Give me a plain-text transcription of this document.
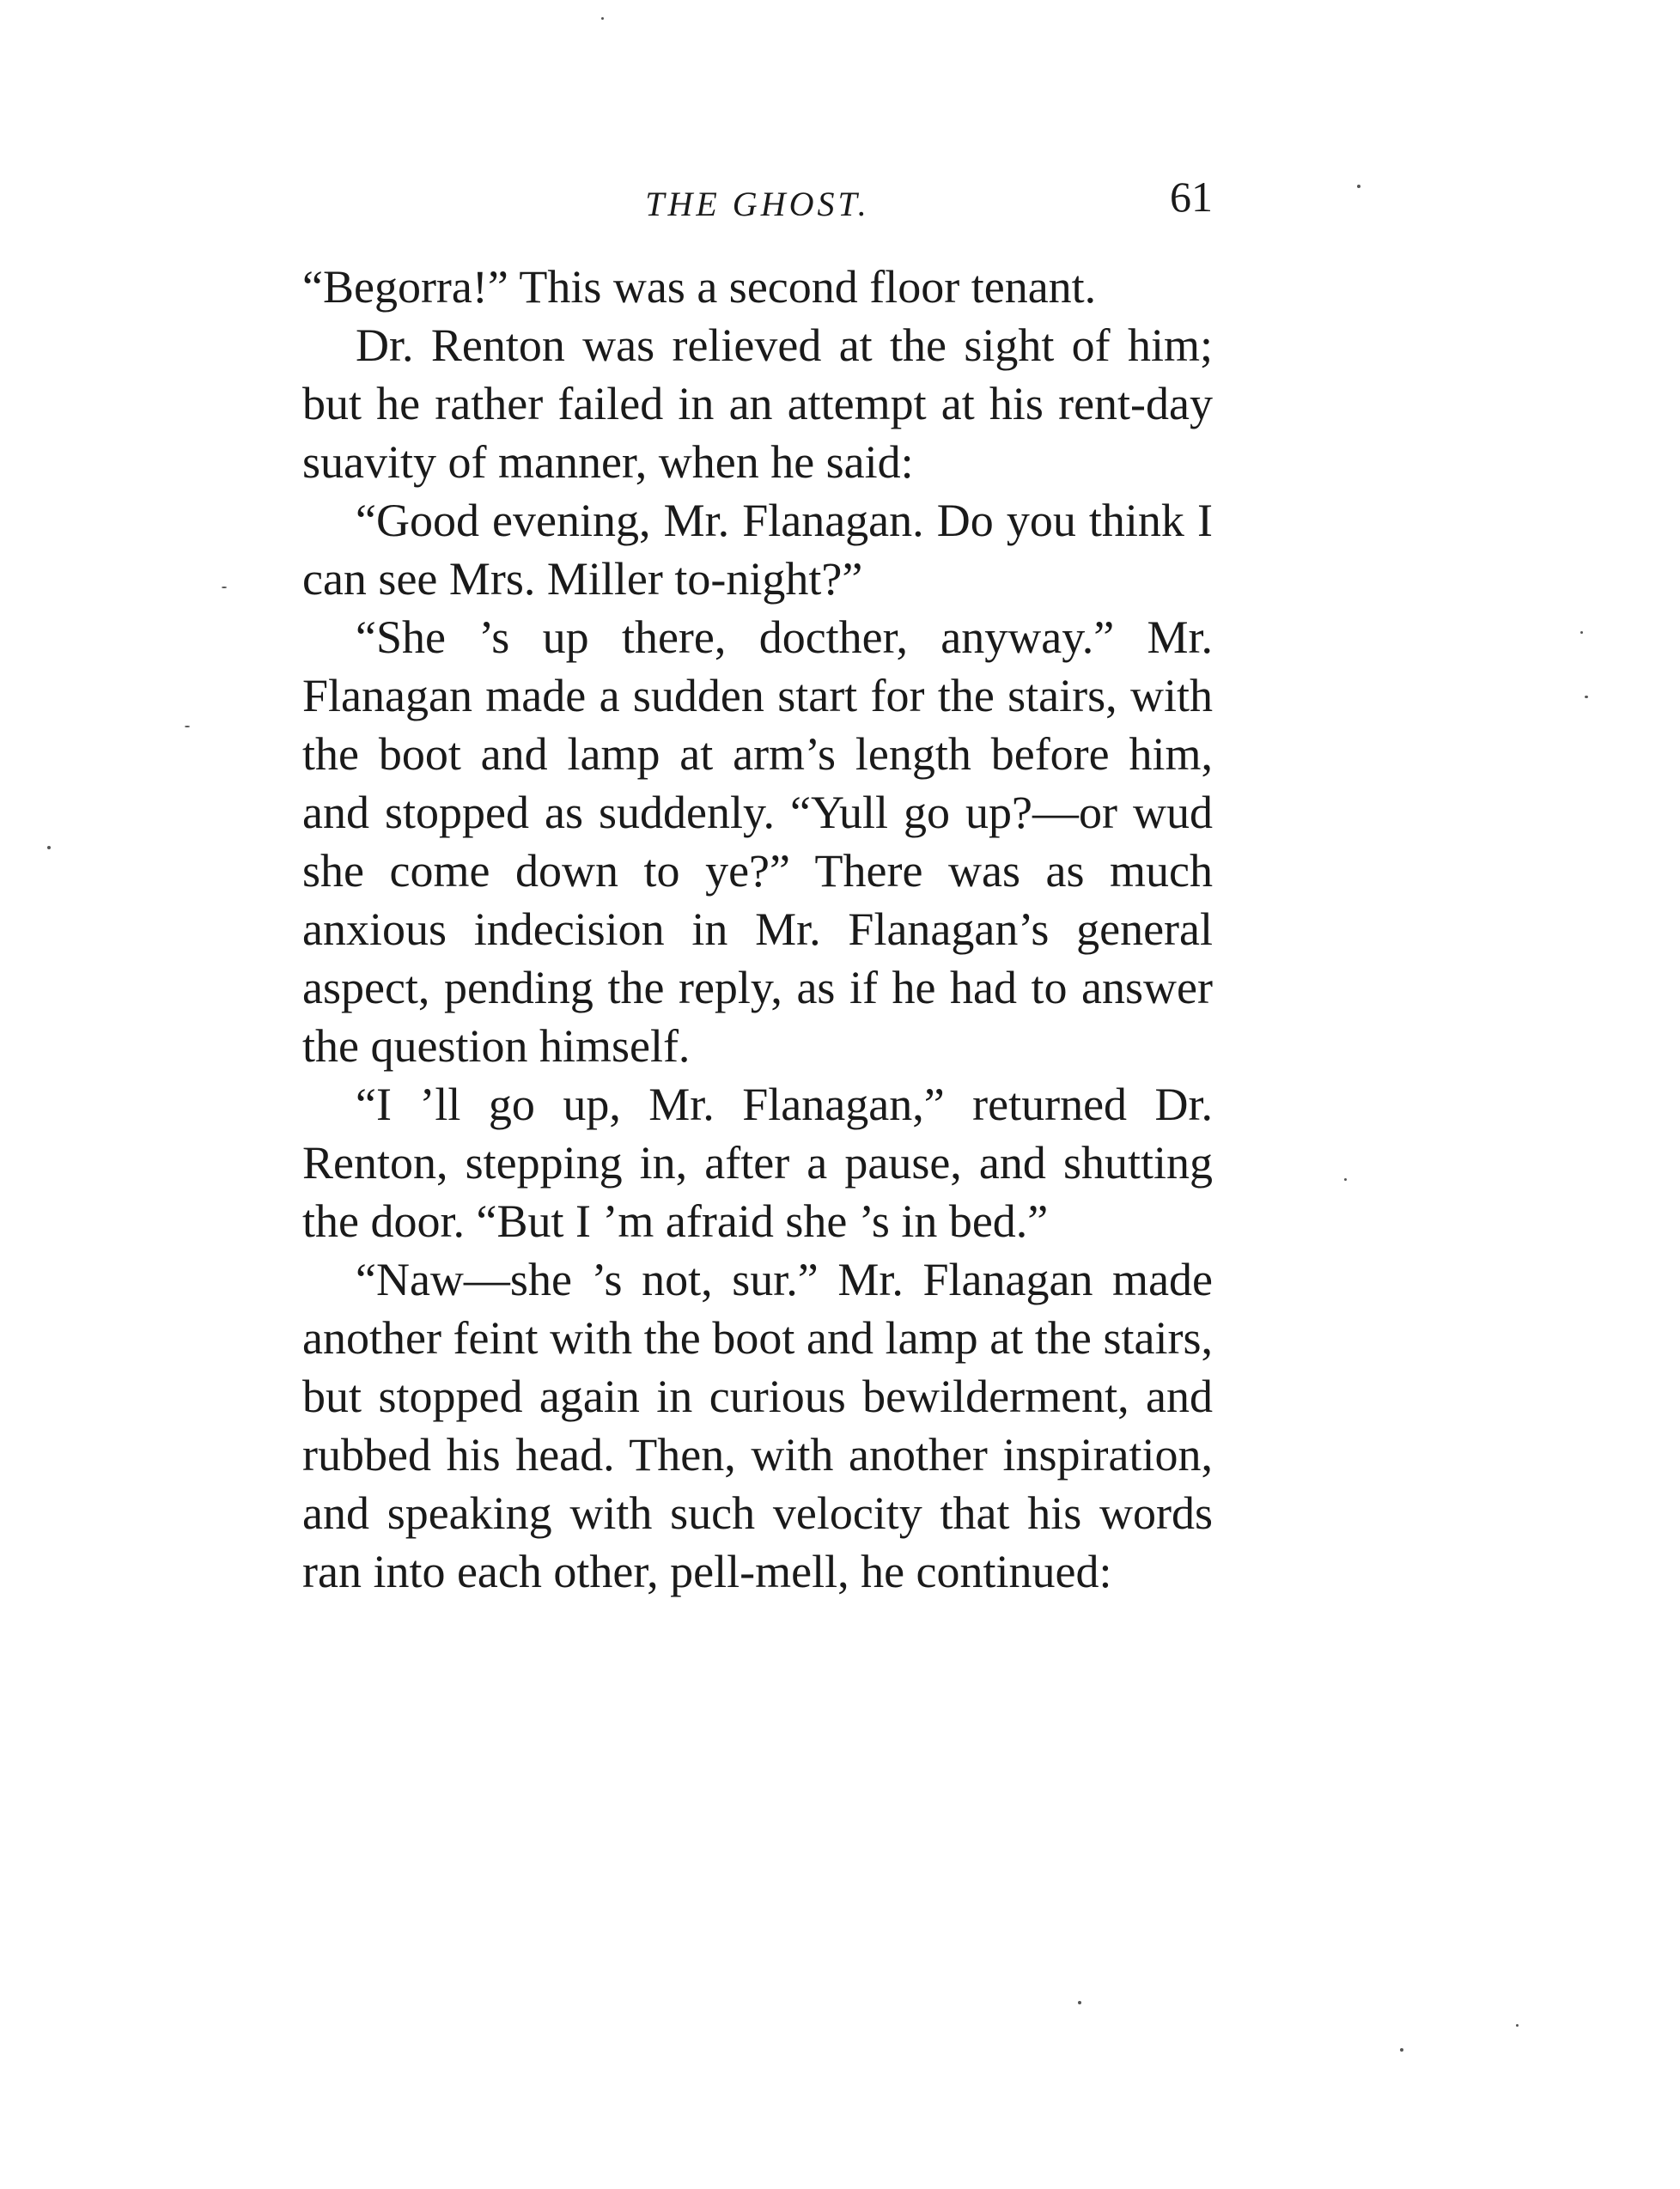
THE GHOST.	61

“Begorra!” This was a second floor tenant.

Dr. Renton was relieved at the sight of him; but he rather failed in an attempt at his rent-day suavity of manner, when he said:

“Good evening, Mr. Flanagan. Do you think I can see Mrs. Miller to-night?”

“She ’s up there, docther, anyway.” Mr. Flanagan made a sudden start for the stairs, with the boot and lamp at arm’s length before him, and stopped as suddenly. “Yull go up?—or wud she come down to ye?” There was as much anxious indecision in Mr. Flanagan’s general aspect, pending the reply, as if he had to answer the question himself.

“I ’ll go up, Mr. Flanagan,” returned Dr. Renton, stepping in, after a pause, and shutting the door. “But I ’m afraid she ’s in bed.”

“Naw—she ’s not, sur.” Mr. Flanagan made another feint with the boot and lamp at the stairs, but stopped again in curious bewilderment, and rubbed his head. Then, with another inspiration, and speaking with such velocity that his words ran into each other, pell-mell, he continued:
